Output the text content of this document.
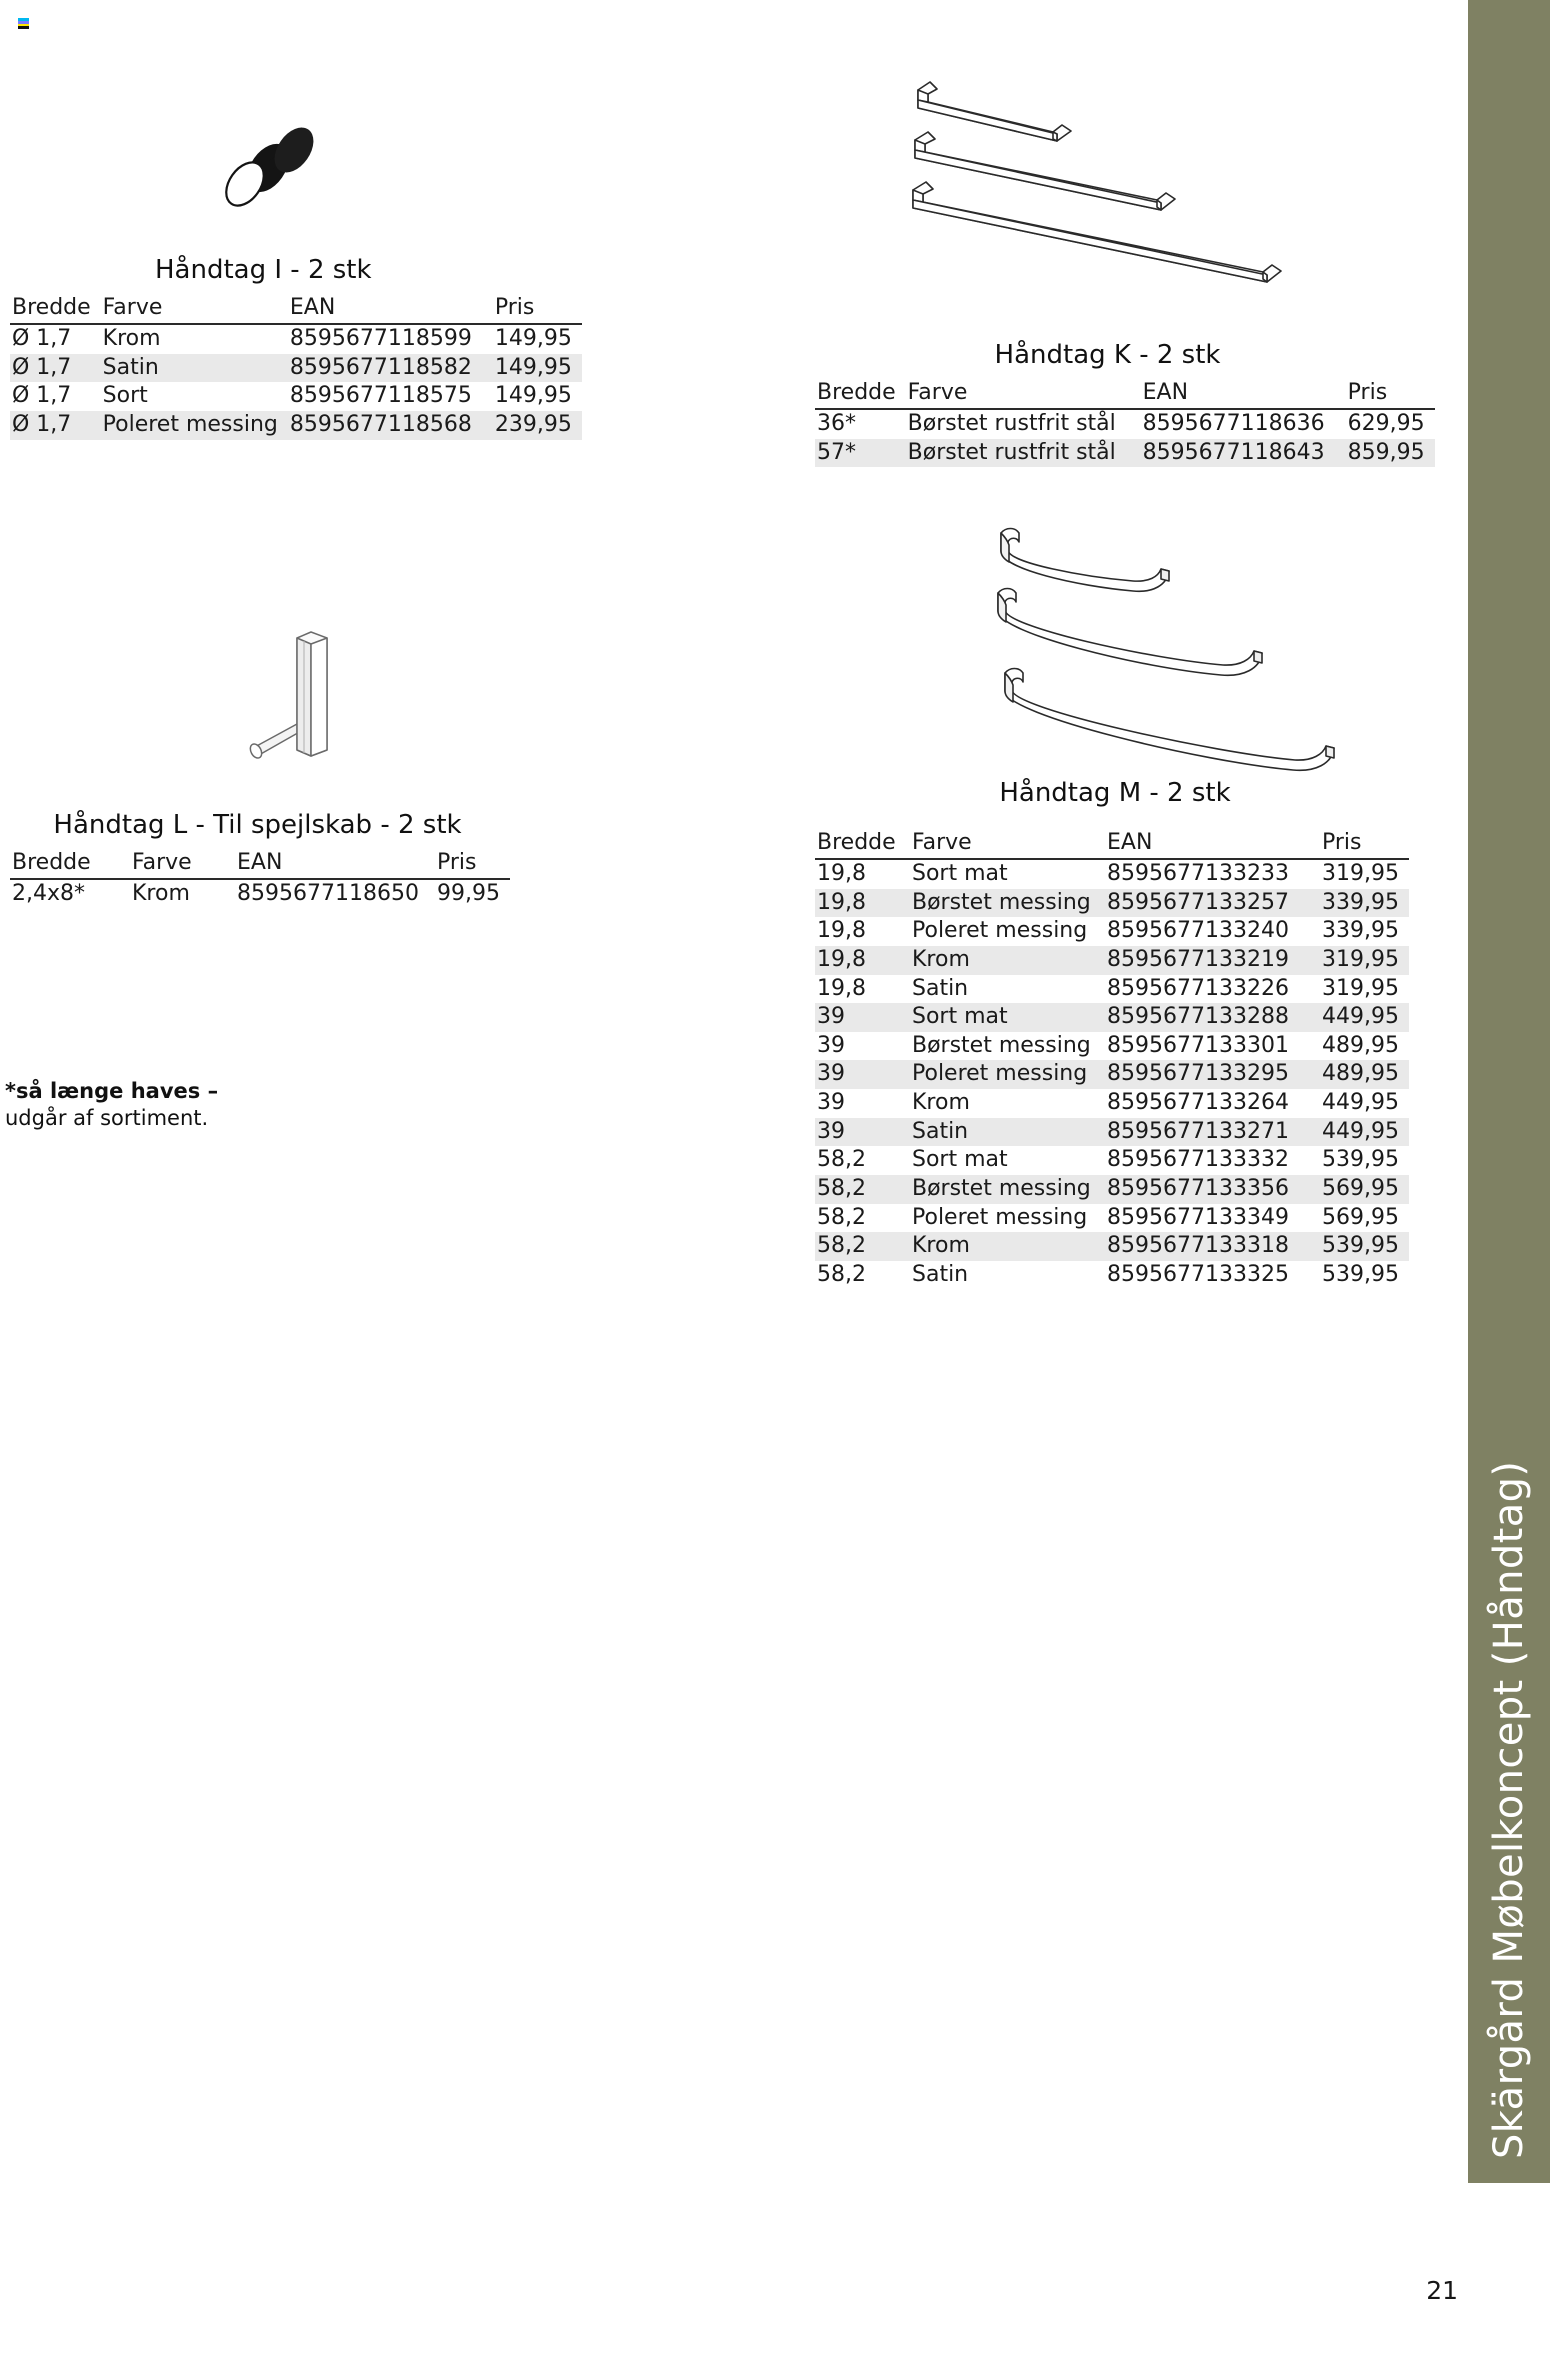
Håndtag I - 2 stk
Bredde	Farve	EAN	Pris
Ø 1,7	Krom	8595677118599	149,95
Ø 1,7	Satin	8595677118582	149,95
Ø 1,7	Sort	8595677118575	149,95
Ø 1,7	Poleret messing	8595677118568	239,95
Håndtag K - 2 stk
Bredde	Farve	EAN	Pris
36*	Børstet rustfrit stål	8595677118636	629,95
57*	Børstet rustfrit stål	8595677118643	859,95
Håndtag L - Til spejlskab - 2 stk
Bredde	Farve	EAN	Pris
2,4x8*	Krom	8595677118650	99,95
*så længe haves –
udgår af sortiment.
Håndtag M - 2 stk
Bredde	Farve	EAN	Pris
19,8	Sort mat	8595677133233	319,95
19,8	Børstet messing	8595677133257	339,95
19,8	Poleret messing	8595677133240	339,95
19,8	Krom	8595677133219	319,95
19,8	Satin	8595677133226	319,95
39	Sort mat	8595677133288	449,95
39	Børstet messing	8595677133301	489,95
39	Poleret messing	8595677133295	489,95
39	Krom	8595677133264	449,95
39	Satin	8595677133271	449,95
58,2	Sort mat	8595677133332	539,95
58,2	Børstet messing	8595677133356	569,95
58,2	Poleret messing	8595677133349	569,95
58,2	Krom	8595677133318	539,95
58,2	Satin	8595677133325	539,95
Skärgård Møbelkoncept (Håndtag)
21
